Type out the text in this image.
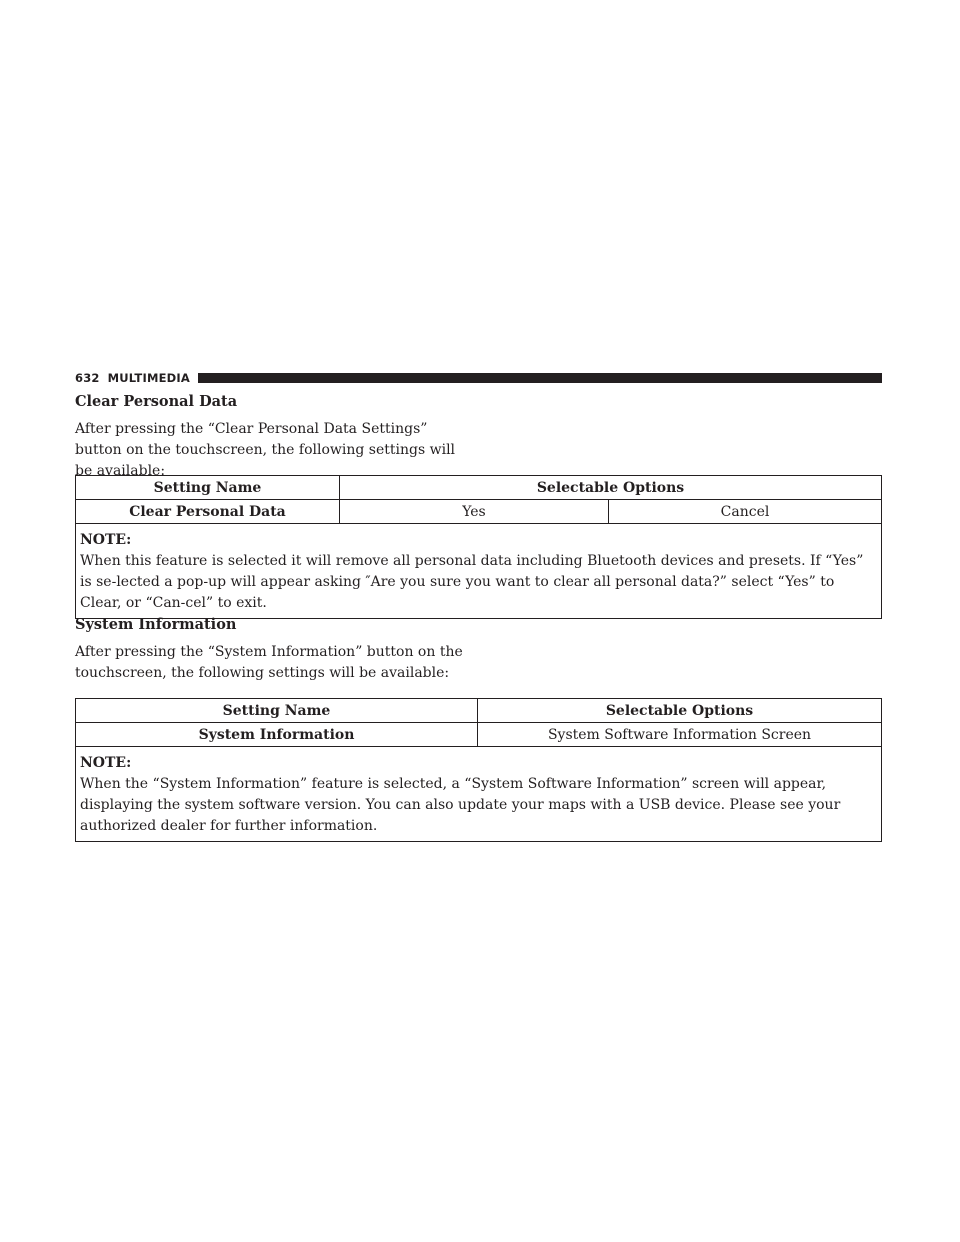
632 MULTIMEDIA
Clear Personal Data
After pressing the “Clear Personal Data Settings” button on the touchscreen, the following settings will be available:
Setting Name	Selectable Options	
Clear Personal Data	Yes	Cancel

NOTE:
When this feature is selected it will remove all personal data including Bluetooth devices and presets. If “Yes” is se-lected a pop-up will appear asking ″Are you sure you want to clear all personal data?” select “Yes” to Clear, or “Can-cel” to exit.		
System Information
After pressing the “System Information” button on the touchscreen, the following settings will be available:
Setting Name	Selectable Options
System Information	System Software Information Screen

NOTE:
When the “System Information” feature is selected, a “System Software Information” screen will appear, displaying the system software version. You can also update your maps with a USB device. Please see your authorized dealer for further information.	
